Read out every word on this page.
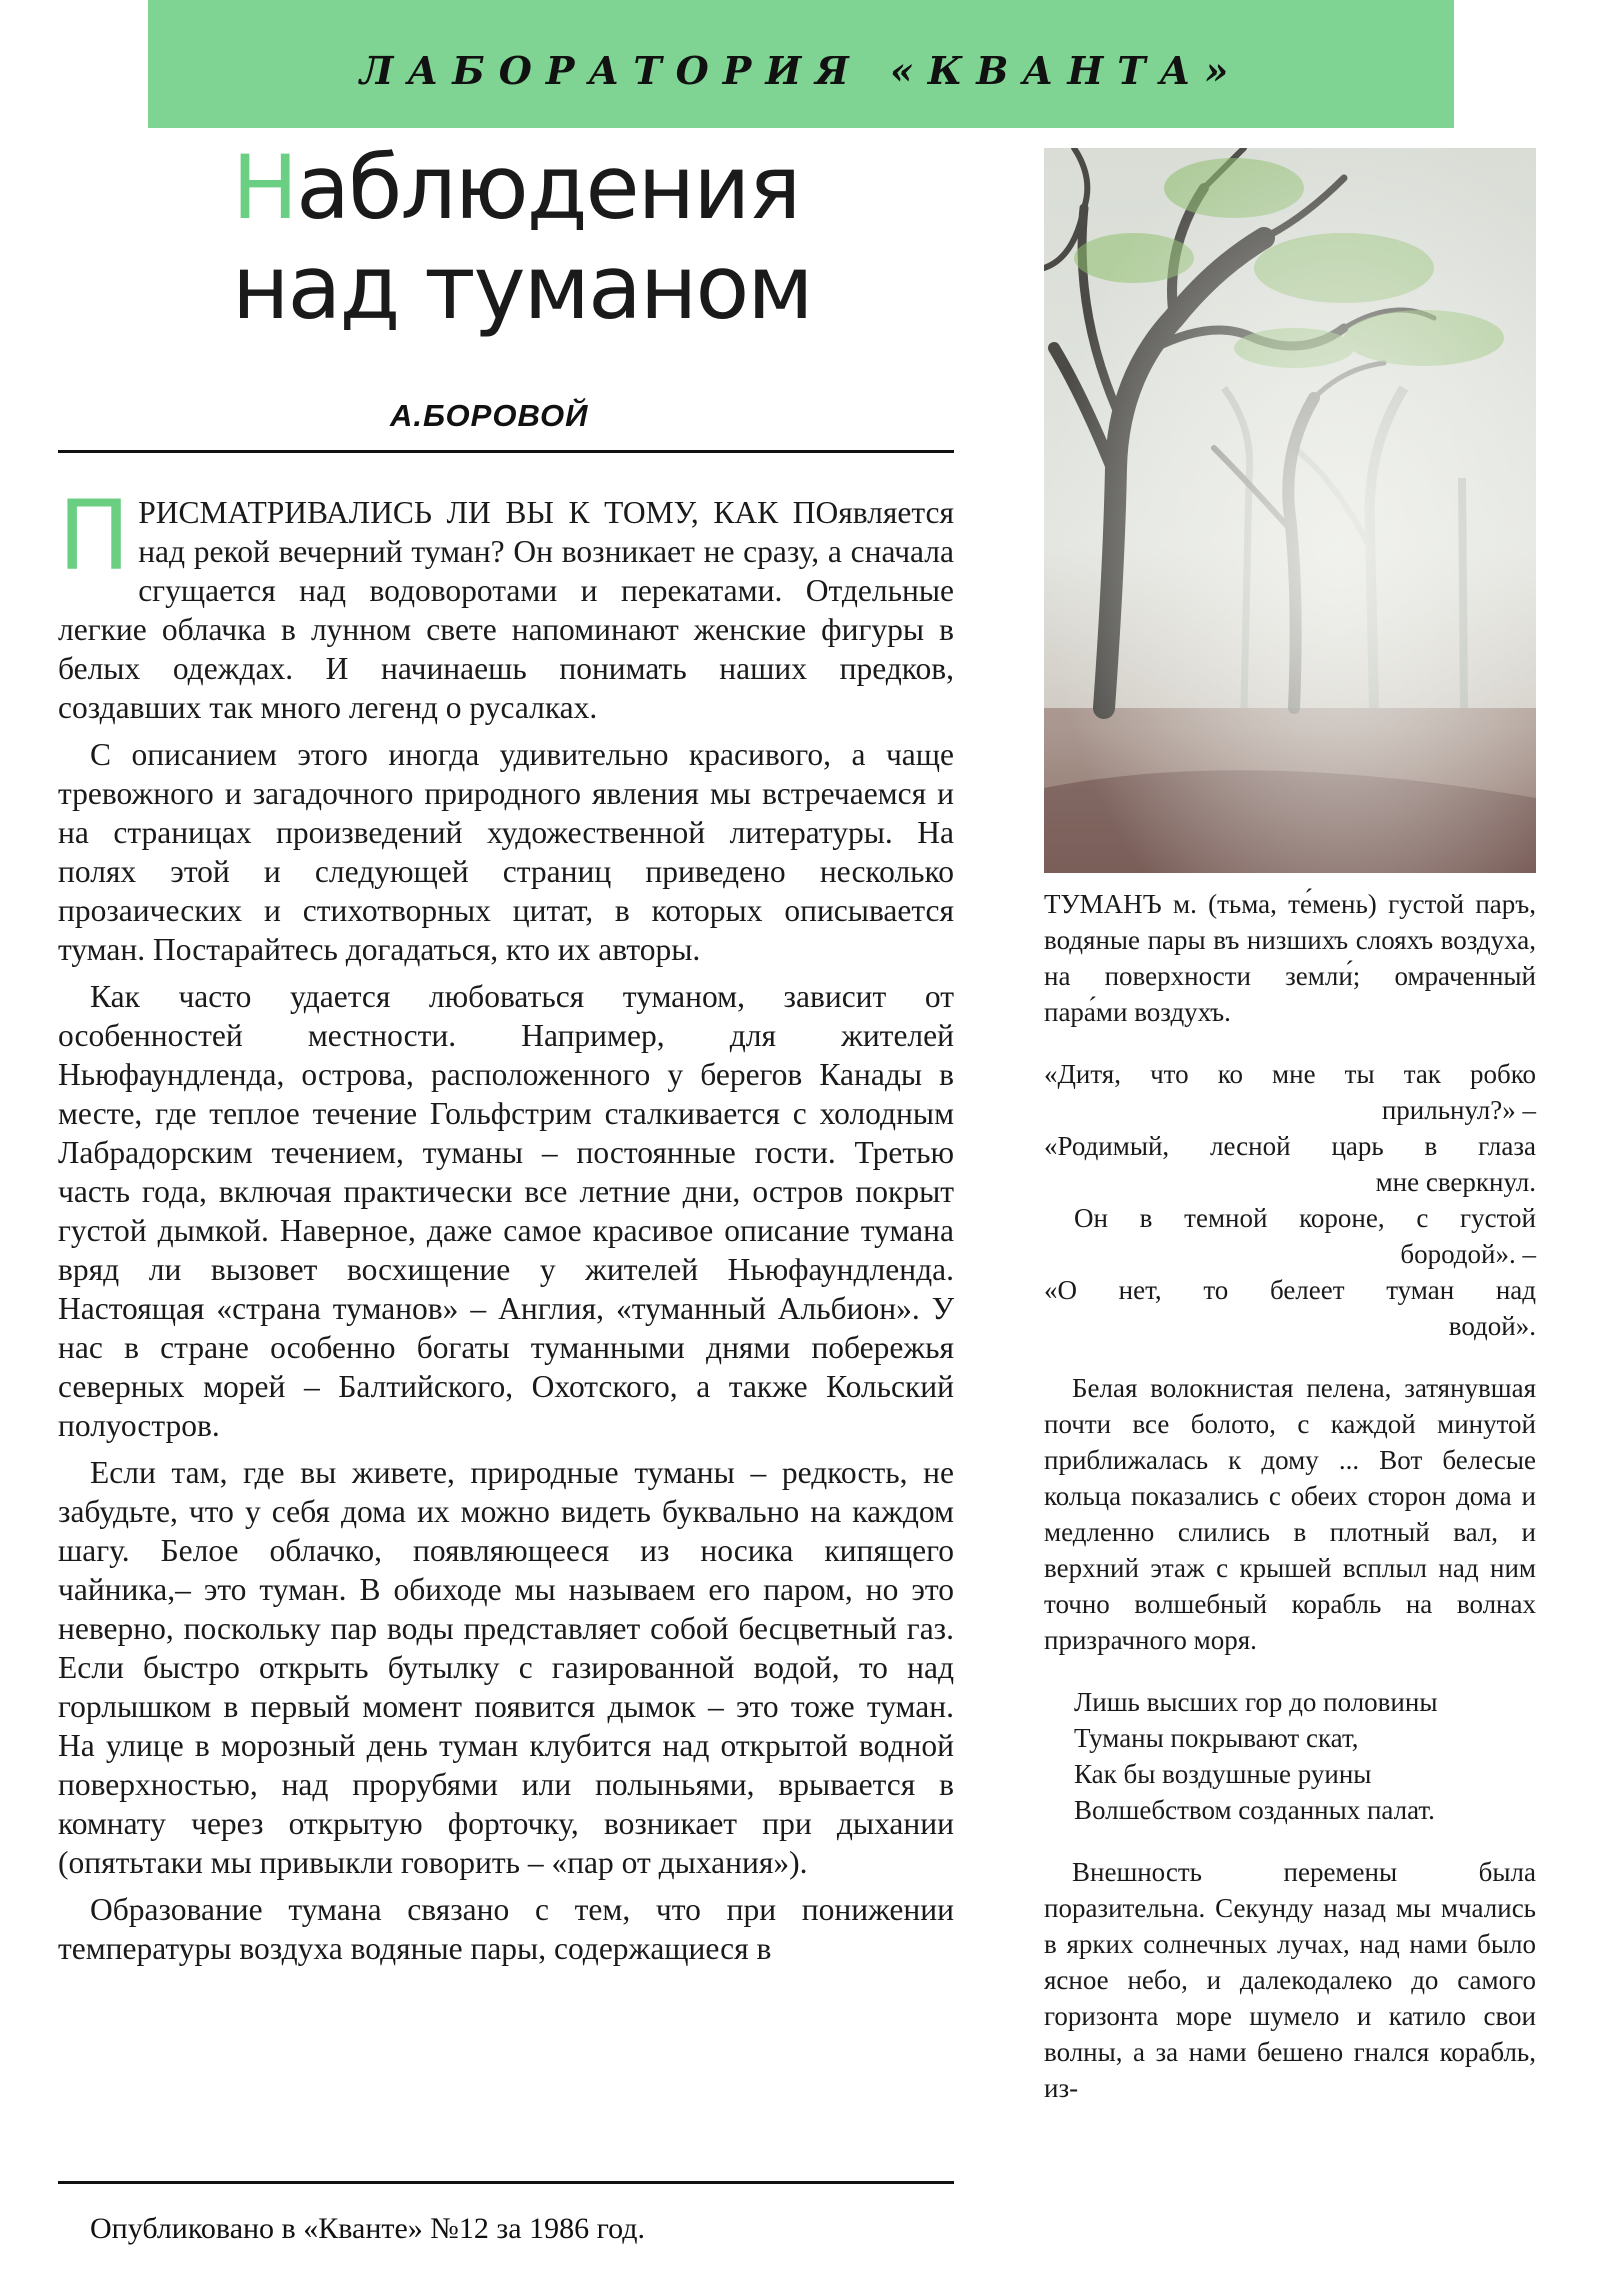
ЛАБОРАТОРИЯ «КВАНТА»
Наблюдения
над туманом
А.БОРОВОЙ

ПРИСМАТРИВАЛИСЬ ЛИ ВЫ К ТОМУ, КАК ПОявляется над рекой вечерний туман? Он возникает не сразу, а сначала сгущается над водоворотами и перекатами. Отдельные легкие облачка в лунном свете напоминают женские фигуры в белых одеждах. И начинаешь понимать наших предков, создавших так много легенд о русалках.

С описанием этого иногда удивительно красивого, а чаще тревожного и загадочного природного явления мы встречаемся и на страницах произведений художественной литературы. На полях этой и следующей страниц приведено несколько прозаических и стихотворных цитат, в которых описывается туман. Постарайтесь догадаться, кто их авторы.

Как часто удается любоваться туманом, зависит от особенностей местности. Например, для жителей Ньюфаундленда, острова, расположенного у берегов Канады в месте, где теплое течение Гольфстрим сталкивается с холодным Лабрадорским течением, туманы – постоянные гости. Третью часть года, включая практически все летние дни, остров покрыт густой дымкой. Наверное, даже самое красивое описание тумана вряд ли вызовет восхищение у жителей Ньюфаундленда. Настоящая «страна туманов» – Англия, «туманный Альбион». У нас в стране особенно богаты туманными днями побережья северных морей – Балтийского, Охотского, а также Кольский полуостров.

Если там, где вы живете, природные туманы – редкость, не забудьте, что у себя дома их можно видеть буквально на каждом шагу. Белое облачко, появляющееся из носика кипящего чайника,– это туман. В обиходе мы называем его паром, но это неверно, поскольку пар воды представляет собой бесцветный газ. Если быстро открыть бутылку с газированной водой, то над горлышком в первый момент появится дымок – это тоже туман. На улице в морозный день туман клубится над открытой водной поверхностью, над прорубями или полыньями, врывается в комнату через открытую форточку, возникает при дыхании (опятьтаки мы привыкли говорить – «пар от дыхания»).

Образование тумана связано с тем, что при понижении температуры воздуха водяные пары, содержащиеся в

Опубликовано в «Кванте» №12 за 1986 год.

ТУМАНЪ м. (тьма, те́мень) густой паръ, водяные пары въ низшихъ слояхъ воздуха, на поверхности земли́; омраченный пара́ми воздухъ.

«Дитя, что ко мне ты так робко
прильнул?» –
«Родимый, лесной царь в глаза
мне сверкнул.
Он в темной короне, с густой
бородой». –
«О нет, то белеет туман над
водой».

Белая волокнистая пелена, затянувшая почти все болото, с каждой минутой приближалась к дому ... Вот белесые кольца показались с обеих сторон дома и медленно слились в плотный вал, и верхний этаж с крышей всплыл над ним точно волшебный корабль на волнах призрачного моря.

Лишь высших гор до половины
Туманы покрывают скат,
Как бы воздушные руины
Волшебством созданных палат.

Внешность перемены была поразительна. Секунду назад мы мчались в ярких солнечных лучах, над нами было ясное небо, и далекодалеко до самого горизонта море шумело и катило свои волны, а за нами бешено гнался корабль, из-
